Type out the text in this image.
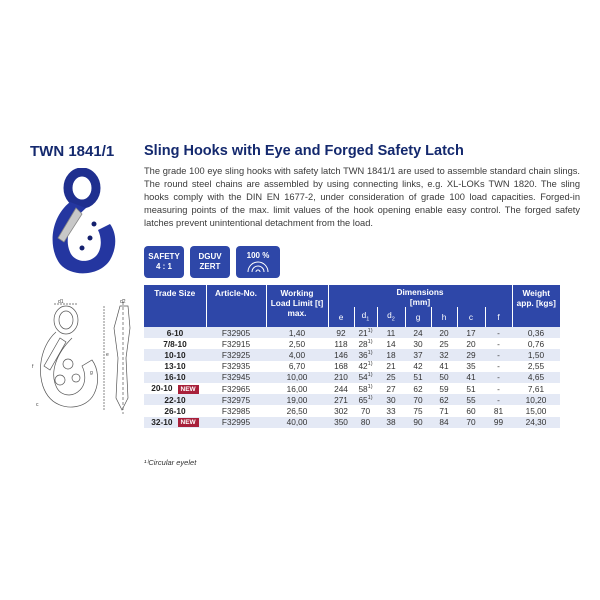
TWN 1841/1 Sling Hooks with Eye and Forged Safety Latch
The grade 100 eye sling hooks with safety latch TWN 1841/1 are used to assemble standard chain slings. The round steel chains are assembled by using connecting links, e.g. XL-LOKs TWN 1820. The sling hooks comply with the DIN EN 1677-2, under consideration of grade 100 load capacities. Forged-in measuring points of the max. limit values of the hook opening enable easy control. The forged safety latches prevent unintentional detachment from the load.
d1
e
c
g
d2
f
SAFETY
4 : 1
DGUV
ZERT
100 %
Trade Size	Article-No.	Working Load Limit [t] max.	Dimensions
[mm]							Weight app. [kgs]
			e	$d_1$	$d_2$	g	h	c	f	
6-10	F32905	1,40	92	21$^{1)}$	11	24	20	17	-	0,36
7/8-10	F32915	2,50	118	28$^{1)}$	14	30	25	20	-	0,76
10-10	F32925	4,00	146	36$^{1)}$	18	37	32	29	-	1,50
13-10	F32935	6,70	168	42$^{1)}$	21	42	41	35	-	2,55
16-10	F32945	10,00	210	54$^{1)}$	25	51	50	41	-	4,65
20-10 NEW	F32965	16,00	244	58$^{1)}$	27	62	59	51	-	7,61
22-10	F32975	19,00	271	65$^{1)}$	30	70	62	55	-	10,20
26-10	F32985	26,50	302	70	33	75	71	60	81	15,00
32-10 NEW	F32995	40,00	350	80	38	90	84	70	99	24,30
¹⁾Circular eyelet
